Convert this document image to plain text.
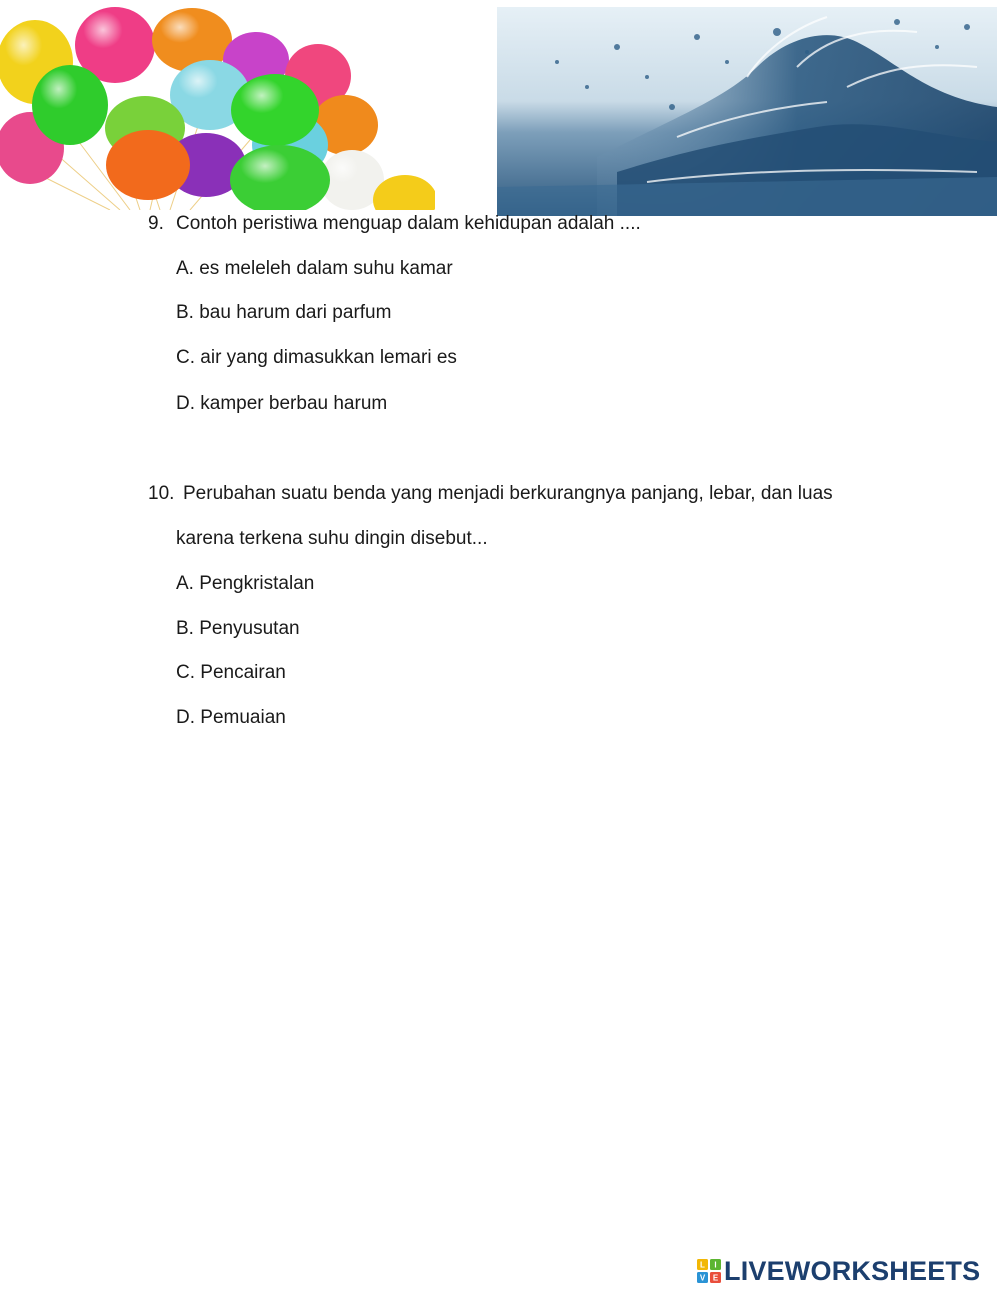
9. Contoh peristiwa menguap dalam kehidupan adalah ....
A. es meleleh dalam suhu kamar
B. bau harum dari parfum
C. air yang dimasukkan lemari es
D. kamper berbau harum
10. Perubahan suatu benda yang menjadi berkurangnya panjang, lebar, dan luas
karena terkena suhu dingin disebut...
A. Pengkristalan
B. Penyusutan
C. Pencairan
D. Pemuaian
L I
V E LIVEWORKSHEETS
